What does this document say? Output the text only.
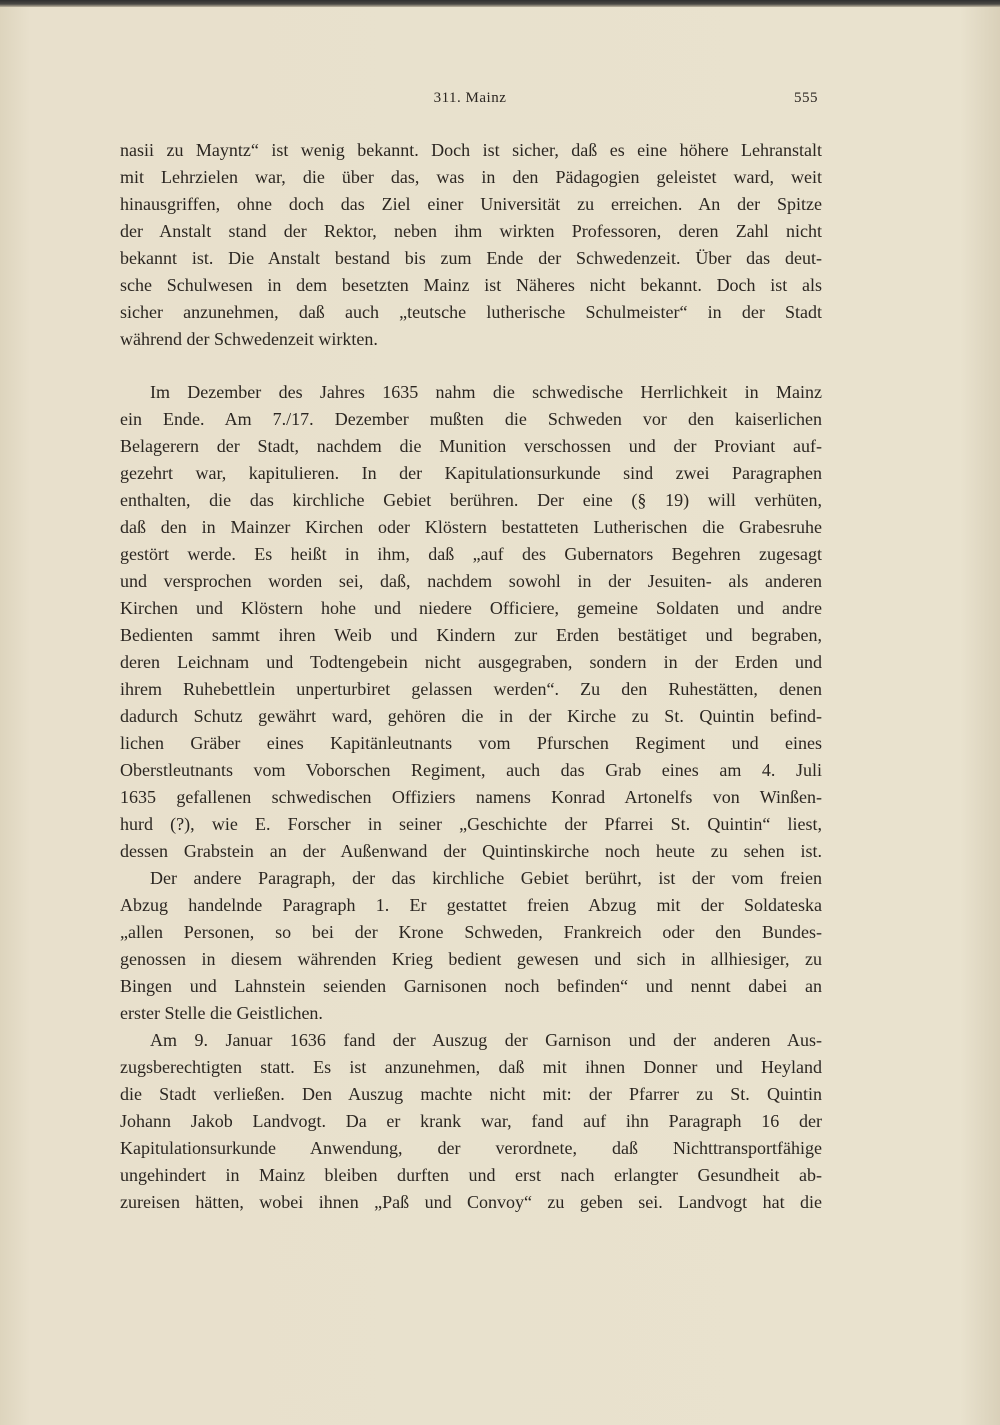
311. Mainz	555
nasii zu Mayntz“ ist wenig bekannt. Doch ist sicher, daß es eine höhere Lehranstalt
mit Lehrzielen war, die über das, was in den Pädagogien geleistet ward, weit
hinausgriffen, ohne doch das Ziel einer Universität zu erreichen. An der Spitze
der Anstalt stand der Rektor, neben ihm wirkten Professoren, deren Zahl nicht
bekannt ist. Die Anstalt bestand bis zum Ende der Schwedenzeit. Über das deut-
sche Schulwesen in dem besetzten Mainz ist Näheres nicht bekannt. Doch ist als
sicher anzunehmen, daß auch „teutsche lutherische Schulmeister“ in der Stadt
während der Schwedenzeit wirkten.
Im Dezember des Jahres 1635 nahm die schwedische Herrlichkeit in Mainz
ein Ende. Am 7./17. Dezember mußten die Schweden vor den kaiserlichen
Belagerern der Stadt, nachdem die Munition verschossen und der Proviant auf-
gezehrt war, kapitulieren. In der Kapitulationsurkunde sind zwei Paragraphen
enthalten, die das kirchliche Gebiet berühren. Der eine (§ 19) will verhüten,
daß den in Mainzer Kirchen oder Klöstern bestatteten Lutherischen die Grabesruhe
gestört werde. Es heißt in ihm, daß „auf des Gubernators Begehren zugesagt
und versprochen worden sei, daß, nachdem sowohl in der Jesuiten- als anderen
Kirchen und Klöstern hohe und niedere Officiere, gemeine Soldaten und andre
Bedienten sammt ihren Weib und Kindern zur Erden bestätiget und begraben,
deren Leichnam und Todtengebein nicht ausgegraben, sondern in der Erden und
ihrem Ruhebettlein unperturbiret gelassen werden“. Zu den Ruhestätten, denen
dadurch Schutz gewährt ward, gehören die in der Kirche zu St. Quintin befind-
lichen Gräber eines Kapitänleutnants vom Pfurschen Regiment und eines
Oberstleutnants vom Voborschen Regiment, auch das Grab eines am 4. Juli
1635 gefallenen schwedischen Offiziers namens Konrad Artonelfs von Winßen-
hurd (?), wie E. Forscher in seiner „Geschichte der Pfarrei St. Quintin“ liest,
dessen Grabstein an der Außenwand der Quintinskirche noch heute zu sehen ist.
Der andere Paragraph, der das kirchliche Gebiet berührt, ist der vom freien
Abzug handelnde Paragraph 1. Er gestattet freien Abzug mit der Soldateska
„allen Personen, so bei der Krone Schweden, Frankreich oder den Bundes-
genossen in diesem währenden Krieg bedient gewesen und sich in allhiesiger, zu
Bingen und Lahnstein seienden Garnisonen noch befinden“ und nennt dabei an
erster Stelle die Geistlichen.
Am 9. Januar 1636 fand der Auszug der Garnison und der anderen Aus-
zugsberechtigten statt. Es ist anzunehmen, daß mit ihnen Donner und Heyland
die Stadt verließen. Den Auszug machte nicht mit: der Pfarrer zu St. Quintin
Johann Jakob Landvogt. Da er krank war, fand auf ihn Paragraph 16 der
Kapitulationsurkunde Anwendung, der verordnete, daß Nichttransportfähige
ungehindert in Mainz bleiben durften und erst nach erlangter Gesundheit ab-
zureisen hätten, wobei ihnen „Paß und Convoy“ zu geben sei. Landvogt hat die
